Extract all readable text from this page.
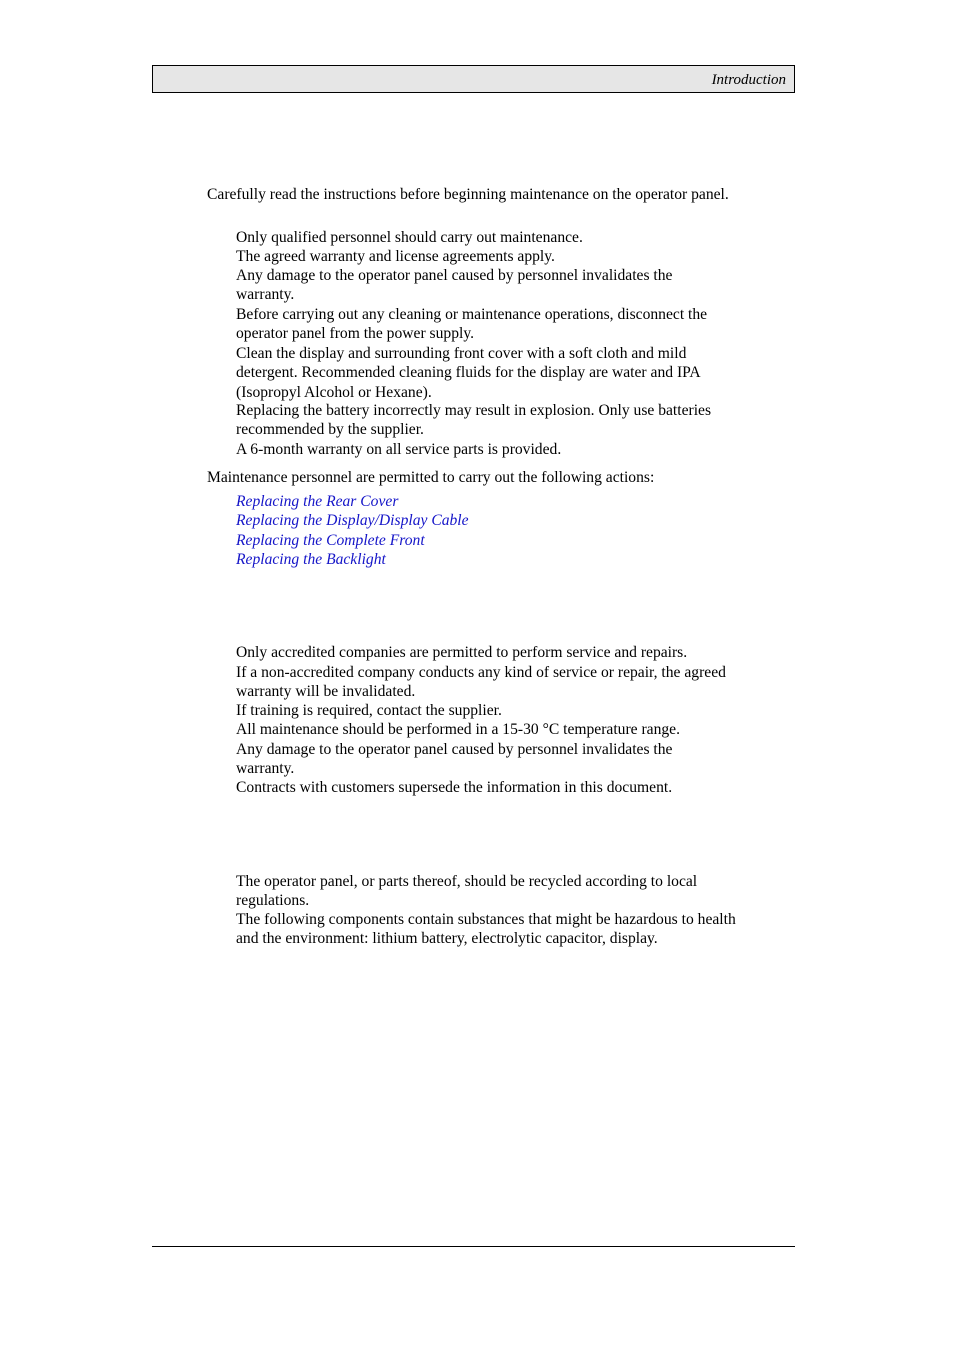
Introduction
Carefully read the instructions before beginning maintenance on the operator panel.
Only qualified personnel should carry out maintenance.
The agreed warranty and license agreements apply.
Any damage to the operator panel caused by personnel invalidates the warranty.
Before carrying out any cleaning or maintenance operations, disconnect the operator panel from the power supply.
Clean the display and surrounding front cover with a soft cloth and mild detergent. Recommended cleaning fluids for the display are water and IPA (Isopropyl Alcohol or Hexane).
Replacing the battery incorrectly may result in explosion. Only use batteries recommended by the supplier.
A 6-month warranty on all service parts is provided.
Maintenance personnel are permitted to carry out the following actions:
Replacing the Rear Cover
Replacing the Display/Display Cable
Replacing the Complete Front
Replacing the Backlight
Only accredited companies are permitted to perform service and repairs.
If a non-accredited company conducts any kind of service or repair, the agreed warranty will be invalidated.
If training is required, contact the supplier.
All maintenance should be performed in a 15-30 °C temperature range.
Any damage to the operator panel caused by personnel invalidates the warranty.
Contracts with customers supersede the information in this document.
The operator panel, or parts thereof, should be recycled according to local regulations.
The following components contain substances that might be hazardous to health and the environment: lithium battery, electrolytic capacitor, display.
